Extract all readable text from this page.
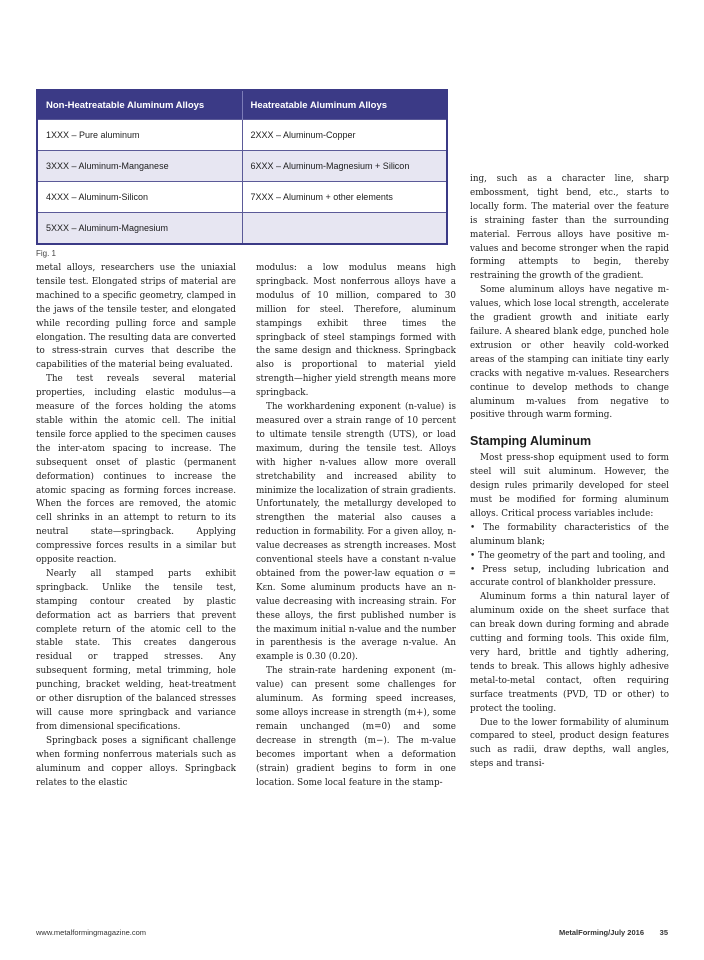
Non-Heatreatable Aluminum Alloys	Heatreatable Aluminum Alloys
1XXX – Pure aluminum	2XXX – Aluminum-Copper
3XXX – Aluminum-Manganese	6XXX – Aluminum-Magnesium + Silicon
4XXX – Aluminum-Silicon	7XXX – Aluminum + other elements
5XXX – Aluminum-Magnesium	
Fig. 1

metal alloys, researchers use the uniaxial tensile test. Elongated strips of material are machined to a specific geometry, clamped in the jaws of the tensile tester, and elongated while recording pulling force and sample elongation. The resulting data are converted to stress-strain curves that describe the capabilities of the material being evaluated.

The test reveals several material properties, including elastic modulus—a measure of the forces holding the atoms stable within the atomic cell. The initial tensile force applied to the specimen causes the inter-atom spacing to increase. The subsequent onset of plastic (permanent deformation) continues to increase the atomic spacing as forming forces increase. When the forces are removed, the atomic cell shrinks in an attempt to return to its neutral state—springback. Applying compressive forces results in a similar but opposite reaction.

Nearly all stamped parts exhibit springback. Unlike the tensile test, stamping contour created by plastic deformation act as barriers that prevent complete return of the atomic cell to the stable state. This creates dangerous residual or trapped stresses. Any subsequent forming, metal trimming, hole punching, bracket welding, heat-treatment or other disruption of the balanced stresses will cause more springback and variance from dimensional specifications.

Springback poses a significant challenge when forming nonferrous materials such as aluminum and copper alloys. Springback relates to the elastic

modulus: a low modulus means high springback. Most nonferrous alloys have a modulus of 10 million, compared to 30 million for steel. Therefore, aluminum stampings exhibit three times the springback of steel stampings formed with the same design and thickness. Springback also is proportional to material yield strength—higher yield strength means more springback.

The workhardening exponent (n-value) is measured over a strain range of 10 percent to ultimate tensile strength (UTS), or load maximum, during the tensile test. Alloys with higher n-values allow more overall stretchability and increased ability to minimize the localization of strain gradients. Unfortunately, the metallurgy developed to strengthen the material also causes a reduction in formability. For a given alloy, n-value decreases as strength increases. Most conventional steels have a constant n-value obtained from the power-law equation σ = Kεn. Some aluminum products have an n-value decreasing with increasing strain. For these alloys, the first published number is the maximum initial n-value and the number in parenthesis is the average n-value. An example is 0.30 (0.20).

The strain-rate hardening exponent (m-value) can present some challenges for aluminum. As forming speed increases, some alloys increase in strength (m+), some remain unchanged (m=0) and some decrease in strength (m−). The m-value becomes important when a deformation (strain) gradient begins to form in one location. Some local feature in the stamp-

ing, such as a character line, sharp embossment, tight bend, etc., starts to locally form. The material over the feature is straining faster than the surrounding material. Ferrous alloys have positive m-values and become stronger when the rapid forming attempts to begin, thereby restraining the growth of the gradient.

Some aluminum alloys have negative m-values, which lose local strength, accelerate the gradient growth and initiate early failure. A sheared blank edge, punched hole extrusion or other heavily cold-worked areas of the stamping can initiate tiny early cracks with negative m-values. Researchers continue to develop methods to change aluminum m-values from negative to positive through warm forming.

Stamping Aluminum

Most press-shop equipment used to form steel will suit aluminum. However, the design rules primarily developed for steel must be modified for forming aluminum alloys. Critical process variables include:

• The formability characteristics of the aluminum blank;

• The geometry of the part and tooling, and

• Press setup, including lubrication and accurate control of blankholder pressure.

Aluminum forms a thin natural layer of aluminum oxide on the sheet surface that can break down during forming and abrade cutting and forming tools. This oxide film, very hard, brittle and tightly adhering, tends to break. This allows highly adhesive metal-to-metal contact, often requiring surface treatments (PVD, TD or other) to protect the tooling.

Due to the lower formability of aluminum compared to steel, product design features such as radii, draw depths, wall angles, steps and transi-

www.metalformingmagazine.com	MetalForming/July 2016 35
